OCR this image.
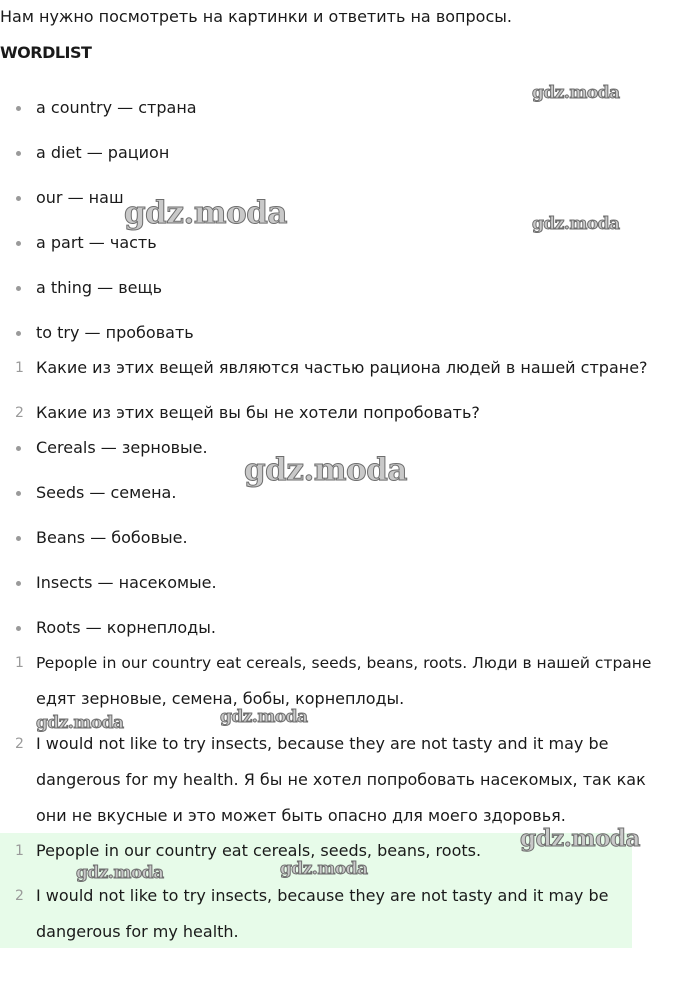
Нам нужно посмотреть на картинки и ответить на вопросы.
WORDLIST
a country — страна
a diet — рацион
our — наш
a part — часть
a thing — вещь
to try — пробовать
1 Какие из этих вещей являются частью рациона людей в нашей стране?
2 Какие из этих вещей вы бы не хотели попробовать?
Cereals — зерновые.
Seeds — семена.
Beans — бобовые.
Insects — насекомые.
Roots — корнеплоды.
1 Pepople in our country eat cereals, seeds, beans, roots. Люди в нашей стране
едят зерновые, семена, бобы, корнеплоды.
2 I would not like to try insects, because they are not tasty and it may be
dangerous for my health. Я бы не хотел попробовать насекомых, так как
они не вкусные и это может быть опасно для моего здоровья.
1 Pepople in our country eat cereals, seeds, beans, roots.
2 I would not like to try insects, because they are not tasty and it may be
dangerous for my health.
gdz.moda
gdz.moda	gdz.moda
gdz.moda
gdz.moda	gdz.moda
gdz.moda
gdz.moda
gdz.moda
